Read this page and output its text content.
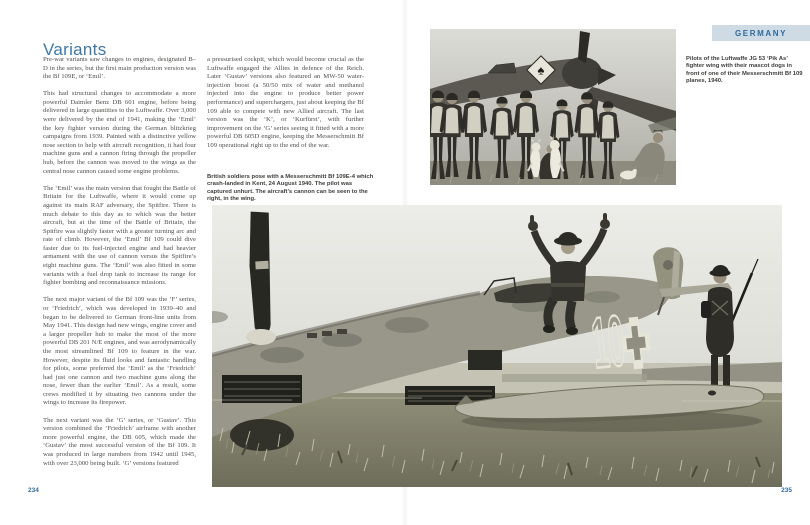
Variants

Pre-war variants saw changes to engines, designated B–D in the series, but the first main production version was the Bf 109E, or ‘Emil’.

This had structural changes to accommodate a more powerful Daimler Benz DB 601 engine, before being delivered in large quantities to the Luftwaffe. Over 3,000 were delivered by the end of 1941, making the ‘Emil’ the key fighter version during the German blitzkrieg campaigns from 1939. Painted with a distinctive yellow nose section to help with aircraft recognition, it had four machine guns and a cannon firing through the propeller hub, before the cannon was moved to the wings as the central nose cannon caused some engine problems.

The ‘Emil’ was the main version that fought the Battle of Britain for the Luftwaffe, where it would come up against its main RAF adversary, the Spitfire. There is much debate to this day as to which was the better aircraft, but at the time of the Battle of Britain, the Spitfire was slightly faster with a greater turning arc and rate of climb. However, the ‘Emil’ Bf 109 could dive faster due to its fuel-injected engine and had heavier armament with the use of cannon versus the Spitfire’s eight machine guns. The ‘Emil’ was also fitted in some variants with a fuel drop tank to increase its range for fighter bombing and reconnaissance missions.

The next major variant of the Bf 109 was the ‘F’ series, or ‘Friedrich’, which was developed in 1939–40 and began to be delivered to German front-line units from May 1941. This design had new wings, engine cover and a larger propeller hub to make the most of the more powerful DB 201 N/E engines, and was aerodynamically the most streamlined Bf 109 to feature in the war. However, despite its fluid looks and fantastic handling for pilots, some preferred the ‘Emil’ as the ‘Friedrich’ had just one cannon and two machine guns along the nose, fewer than the earlier ‘Emil’. As a result, some crews modified it by situating two cannons under the wings to increase its firepower.

The next variant was the ‘G’ series, or ‘Gustav’. This version combined the ‘Friedrich’ airframe with another more powerful engine, the DB 605, which made the ‘Gustav’ the most successful version of the Bf 109. It was produced in large numbers from 1942 until 1945, with over 23,000 being built. ‘G’ versions featured

a pressurised cockpit, which would become crucial as the Luftwaffe engaged the Allies in defence of the Reich. Later ‘Gustav’ versions also featured an MW-50 water-injection boost (a 50/50 mix of water and methanol injected into the engine to produce better power performance) and superchargers, just about keeping the Bf 109 able to compete with new Allied aircraft. The last version was the ‘K’, or ‘Kurfürst’, with further improvement on the ‘G’ series seeing it fitted with a more powerful DB 605D engine, keeping the Messerschmitt Bf 109 operational right up to the end of the war.

British soldiers pose with a Messerschmitt Bf 109E-4 which crash-landed in Kent, 24 August 1940. The pilot was captured unhurt. The aircraft’s cannon can be seen to the right, in the wing.
234
GERMANY
Pilots of the Luftwaffe JG 53 ‘Pik As’ fighter wing with their mascot dogs in front of one of their Messerschmitt Bf 109 planes, 1940.
235
♠
